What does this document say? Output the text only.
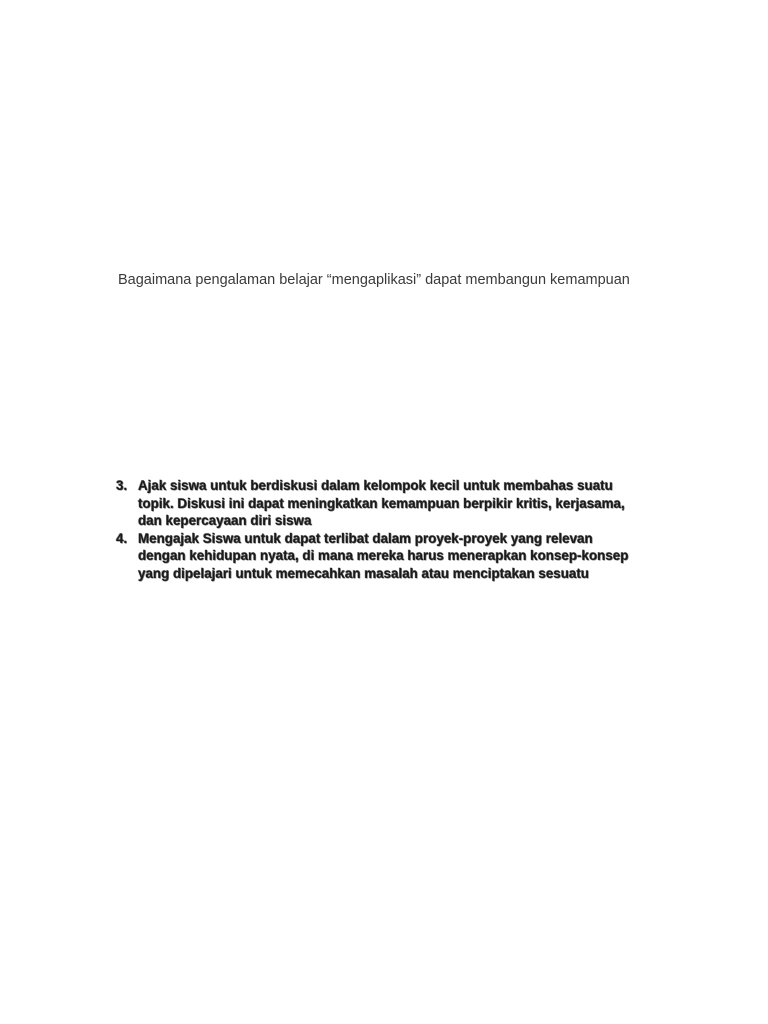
Bagaimana pengalaman belajar “mengaplikasi” dapat membangun kemampuan

3. Ajak siswa untuk berdiskusi dalam kelompok kecil untuk membahas suatu
topik. Diskusi ini dapat meningkatkan kemampuan berpikir kritis, kerjasama,
dan kepercayaan diri siswa
4. Mengajak Siswa untuk dapat terlibat dalam proyek-proyek yang relevan
dengan kehidupan nyata, di mana mereka harus menerapkan konsep-konsep
yang dipelajari untuk memecahkan masalah atau menciptakan sesuatu
